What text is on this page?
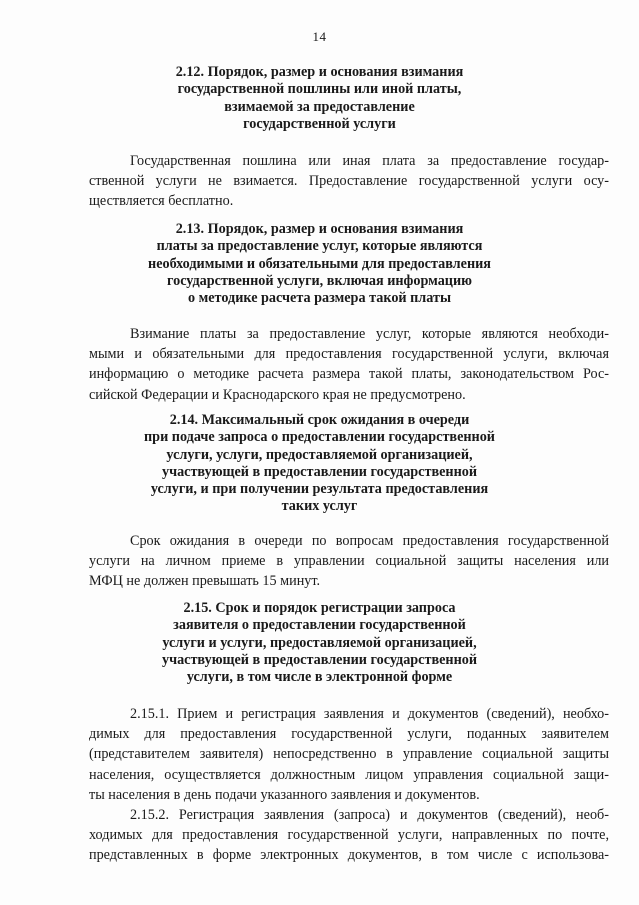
14
2.12. Порядок, размер и основания взимания
государственной пошлины или иной платы,
взимаемой за предоставление
государственной услуги
Государственная пошлина или иная плата за предоставление государ-
ственной услуги не взимается. Предоставление государственной услуги осу-
ществляется бесплатно.
2.13. Порядок, размер и основания взимания
платы за предоставление услуг, которые являются
необходимыми и обязательными для предоставления
государственной услуги, включая информацию
о методике расчета размера такой платы
Взимание платы за предоставление услуг, которые являются необходи-
мыми и обязательными для предоставления государственной услуги, включая
информацию о методике расчета размера такой платы, законодательством Рос-
сийской Федерации и Краснодарского края не предусмотрено.
2.14. Максимальный срок ожидания в очереди
при подаче запроса о предоставлении государственной
услуги, услуги, предоставляемой организацией,
участвующей в предоставлении государственной
услуги, и при получении результата предоставления
таких услуг
Срок ожидания в очереди по вопросам предоставления государственной
услуги на личном приеме в управлении социальной защиты населения или
МФЦ не должен превышать 15 минут.
2.15. Срок и порядок регистрации запроса
заявителя о предоставлении государственной
услуги и услуги, предоставляемой организацией,
участвующей в предоставлении государственной
услуги, в том числе в электронной форме
2.15.1. Прием и регистрация заявления и документов (сведений), необхо-
димых для предоставления государственной услуги, поданных заявителем
(представителем заявителя) непосредственно в управление социальной защиты
населения, осуществляется должностным лицом управления социальной защи-
ты населения в день подачи указанного заявления и документов.
2.15.2. Регистрация заявления (запроса) и документов (сведений), необ-
ходимых для предоставления государственной услуги, направленных по почте,
представленных в форме электронных документов, в том числе с использова-
